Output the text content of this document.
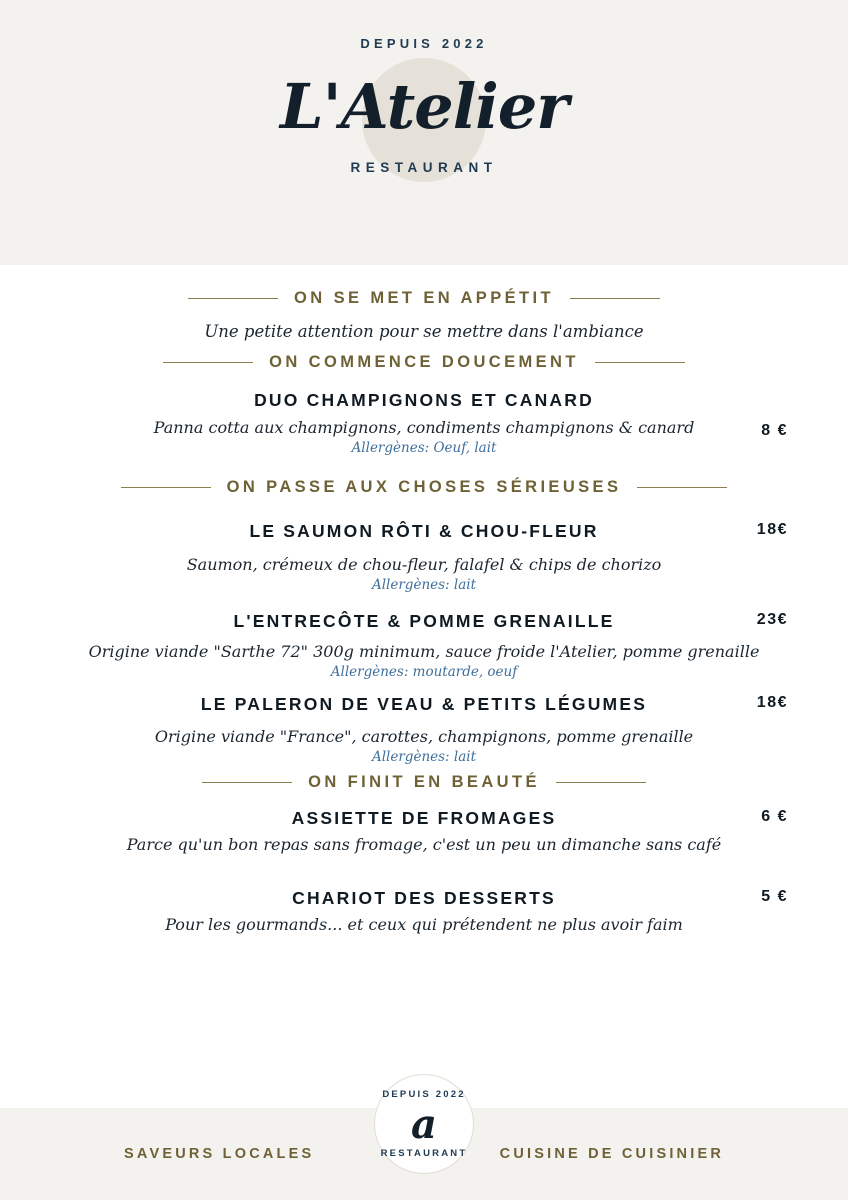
DEPUIS 2022
L'Atelier
RESTAURANT
ON SE MET EN APPÉTIT
Une petite attention pour se mettre dans l'ambiance
ON COMMENCE DOUCEMENT
DUO CHAMPIGNONS ET CANARD
Panna cotta aux champignons, condiments champignons & canard
Allergènes: Oeuf, lait
8 €
ON PASSE AUX CHOSES SÉRIEUSES
LE SAUMON RÔTI & CHOU-FLEUR	18€
Saumon, crémeux de chou-fleur, falafel & chips de chorizo
Allergènes: lait
L'ENTRECÔTE & POMME GRENAILLE	23€
Origine viande "Sarthe 72" 300g minimum, sauce froide l'Atelier, pomme grenaille
Allergènes: moutarde, oeuf
LE PALERON DE VEAU & PETITS LÉGUMES	18€
Origine viande "France", carottes, champignons, pomme grenaille
Allergènes: lait
ON FINIT EN BEAUTÉ
ASSIETTE DE FROMAGES	6 €
Parce qu'un bon repas sans fromage, c'est un peu un dimanche sans café
CHARIOT DES DESSERTS	5 €
Pour les gourmands... et ceux qui prétendent ne plus avoir faim
SAVEURS LOCALES	CUISINE DE CUISINIER
DEPUIS 2022
a
RESTAURANT
